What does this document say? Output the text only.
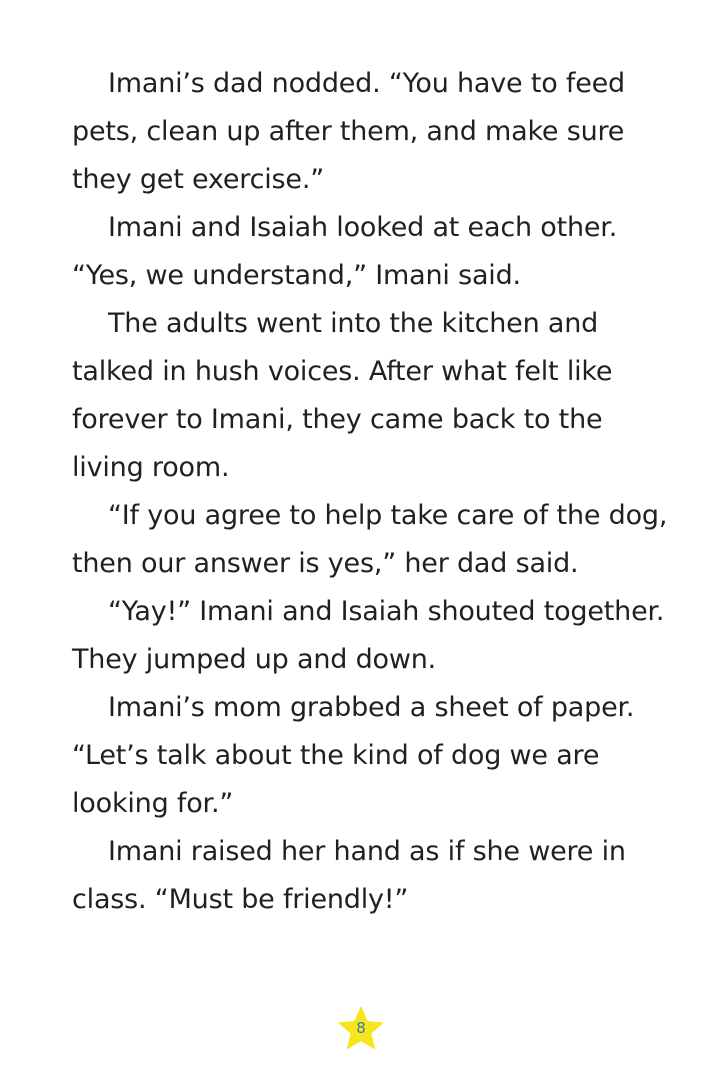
Imani’s dad nodded. “You have to feed pets, clean up after them, and make sure they get exercise.”

Imani and Isaiah looked at each other. “Yes, we understand,” Imani said.

The adults went into the kitchen and talked in hush voices. After what felt like forever to Imani, they came back to the living room.

“If you agree to help take care of the dog, then our answer is yes,” her dad said.

“Yay!” Imani and Isaiah shouted together. They jumped up and down.

Imani’s mom grabbed a sheet of paper. “Let’s talk about the kind of dog we are looking for.”

Imani raised her hand as if she were in class. “Must be friendly!”

8
